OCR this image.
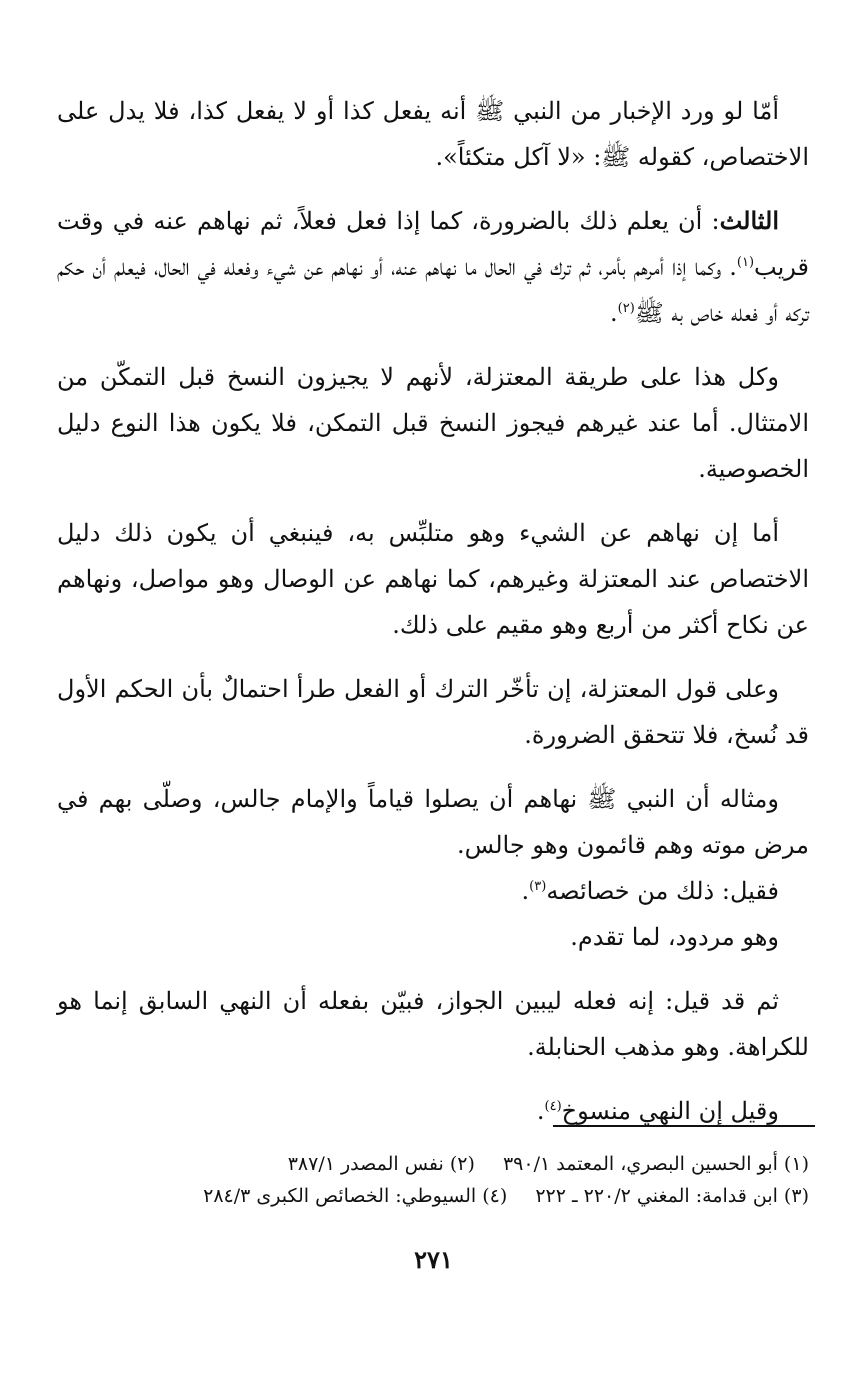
أمّا لو ورد الإخبار من النبي ﷺ أنه يفعل كذا أو لا يفعل كذا، فلا يدل على الاختصاص، كقوله ﷺ: «لا آكل متكئاً».

الثالث: أن يعلم ذلك بالضرورة، كما إذا فعل فعلاً، ثم نهاهم عنه في وقت قريب$^{(١)}$. وكما إذا أمرهم بأمر، ثم ترك في الحال ما نهاهم عنه، أو نهاهم عن شيء وفعله في الحال، فيعلم أن حكم تركه أو فعله خاص به ﷺ$^{(٢)}$.

وكل هذا على طريقة المعتزلة، لأنهم لا يجيزون النسخ قبل التمكّن من الامتثال. أما عند غيرهم فيجوز النسخ قبل التمكن، فلا يكون هذا النوع دليل الخصوصية.

أما إن نهاهم عن الشيء وهو متلبِّس به، فينبغي أن يكون ذلك دليل الاختصاص عند المعتزلة وغيرهم، كما نهاهم عن الوصال وهو مواصل، ونهاهم عن نكاح أكثر من أربع وهو مقيم على ذلك.

وعلى قول المعتزلة، إن تأخّر الترك أو الفعل طرأ احتمالٌ بأن الحكم الأول قد نُسخ، فلا تتحقق الضرورة.

ومثاله أن النبي ﷺ نهاهم أن يصلوا قياماً والإمام جالس، وصلّى بهم في مرض موته وهم قائمون وهو جالس.

فقيل: ذلك من خصائصه$^{(٣)}$.

وهو مردود، لما تقدم.

ثم قد قيل: إنه فعله ليبين الجواز، فبيّن بفعله أن النهي السابق إنما هو للكراهة. وهو مذهب الحنابلة.

وقيل إن النهي منسوخ$^{(٤)}$.

(١) أبو الحسين البصري، المعتمد ٣٩٠/١ (٢) نفس المصدر ٣٨٧/١
(٣) ابن قدامة: المغني ٢٢٠/٢ ـ ٢٢٢ (٤) السيوطي: الخصائص الكبرى ٢٨٤/٣
٢٧١
